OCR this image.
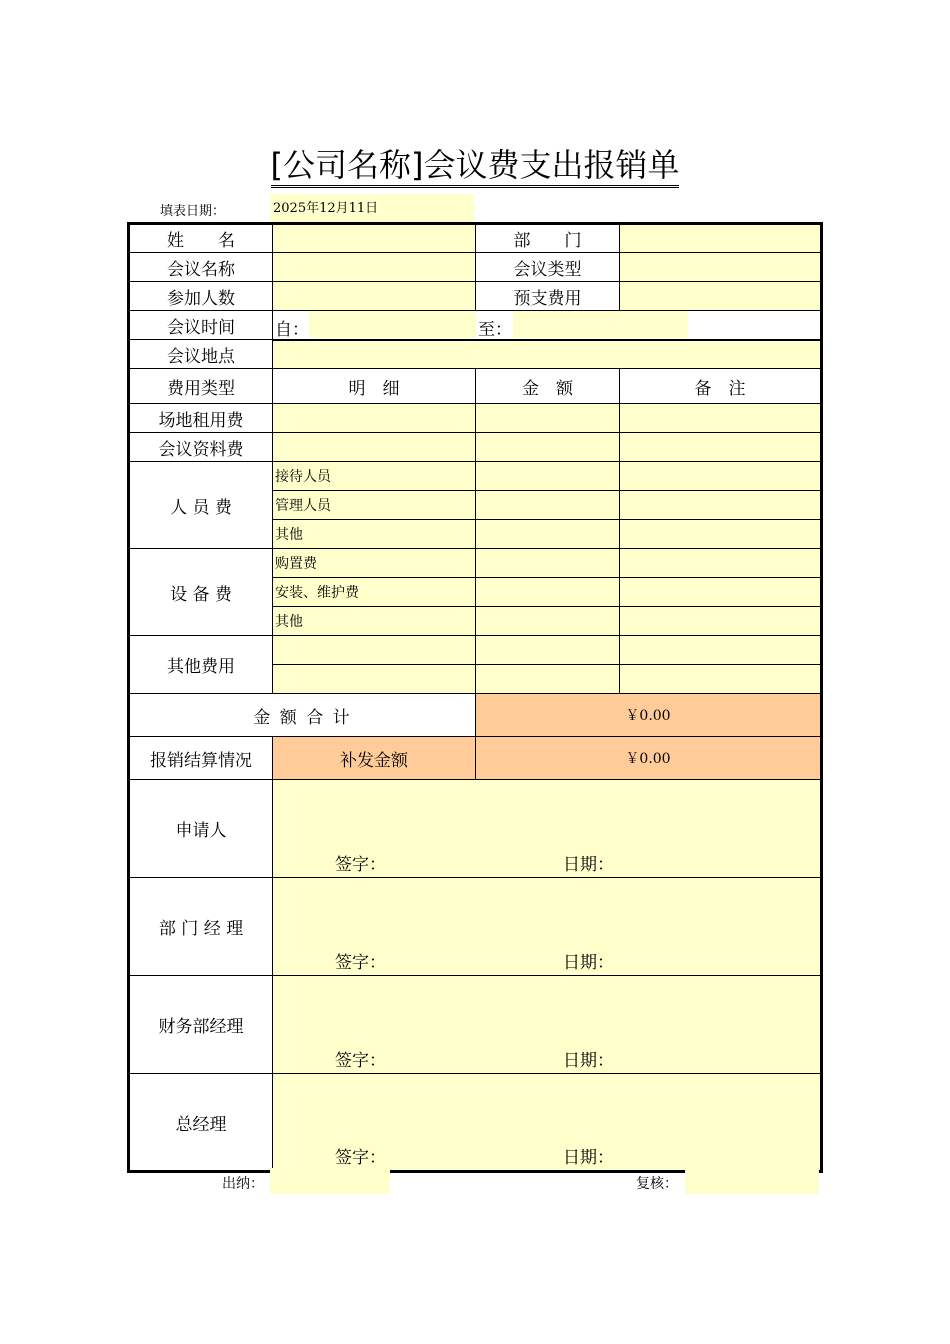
[公司名称]会议费支出报销单
填表日期：	2025年12月11日
姓　　名		部　　门	
会议名称		会议类型	
参加人数		预支费用	
会议时间	自： 至：		

会议地点			
费用类型	明　细	金　额	备　注
场地租用费			
会议资料费			
人 员 费	接待人员		
	管理人员		
	其他		
设 备 费	购置费		
	安装、维护费		
	其他		
其他费用			

金 额 合 计		￥0.00	
报销结算情况	补发金额	￥0.00	
申请人	签字： 日期：		

部 门 经 理	签字： 日期：		

财务部经理	签字： 日期：		

总经理	签字： 日期：		
出纳：	复核：
